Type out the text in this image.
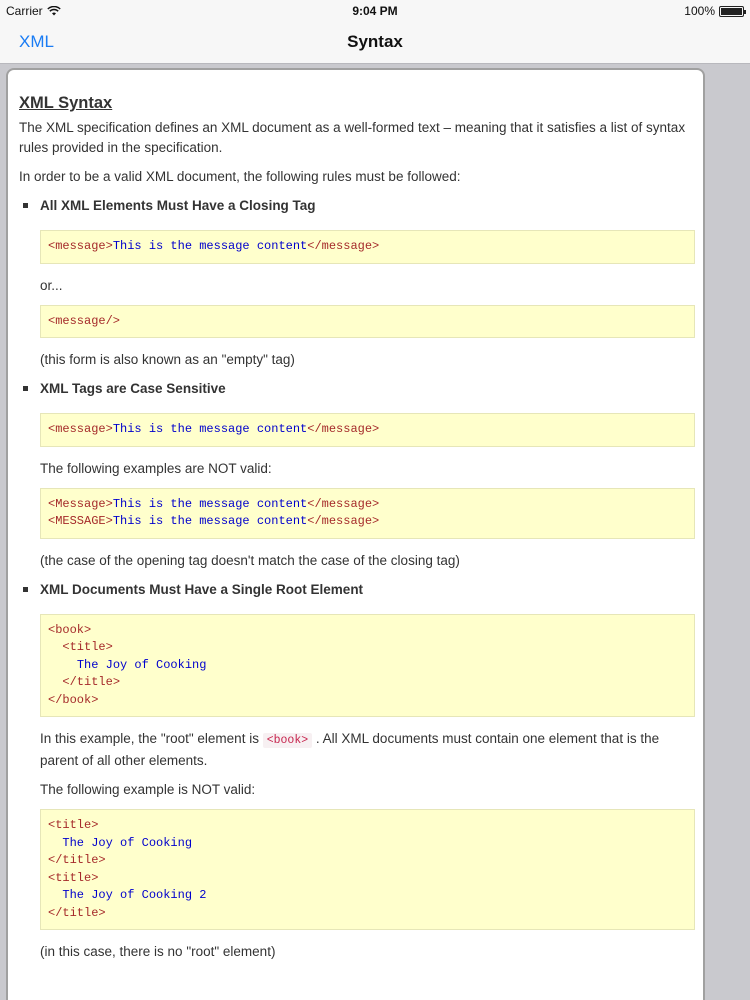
Carrier	9:04 PM	100%
XML	Syntax
XML Syntax

The XML specification defines an XML document as a well-formed text – meaning that it satisfies a list of syntax rules provided in the specification.

In order to be a valid XML document, the following rules must be followed:

All XML Elements Must Have a Closing Tag
<message>This is the message content</message>

or...

<message/>

(this form is also known as an "empty" tag)

XML Tags are Case Sensitive
<message>This is the message content</message>

The following examples are NOT valid:

<Message>This is the message content</message>
<MESSAGE>This is the message content</message>

(the case of the opening tag doesn't match the case of the closing tag)

XML Documents Must Have a Single Root Element
<book>
<title>
The Joy of Cooking
</title>
</book>

In this example, the "root" element is <book> . All XML documents must contain one element that is the parent of all other elements.

The following example is NOT valid:

<title>
The Joy of Cooking
</title>
<title>
The Joy of Cooking 2
</title>

(in this case, there is no "root" element)
